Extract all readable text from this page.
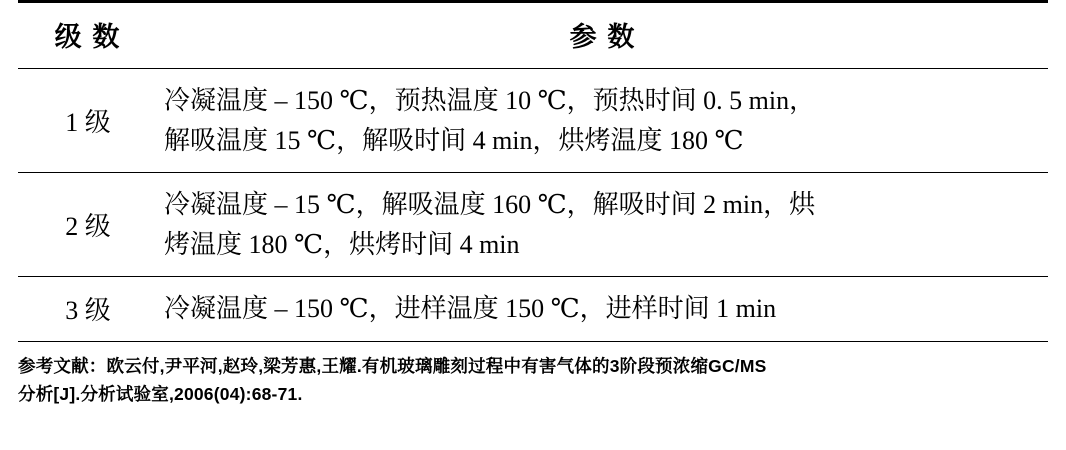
级 数	参 数

1 级	冷凝温度 – 150 ℃，预热温度 10 ℃，预热时间 0. 5 min，
解吸温度 15 ℃，解吸时间 4 min，烘烤温度 180 ℃

2 级	冷凝温度 – 15 ℃，解吸温度 160 ℃，解吸时间 2 min，烘
烤温度 180 ℃，烘烤时间 4 min

3 级	冷凝温度 – 150 ℃，进样温度 150 ℃，进样时间 1 min

参考文献：欧云付,尹平河,赵玲,梁芳惠,王耀.有机玻璃雕刻过程中有害气体的3阶段预浓缩GC/MS
分析[J].分析试验室,2006(04):68-71.
